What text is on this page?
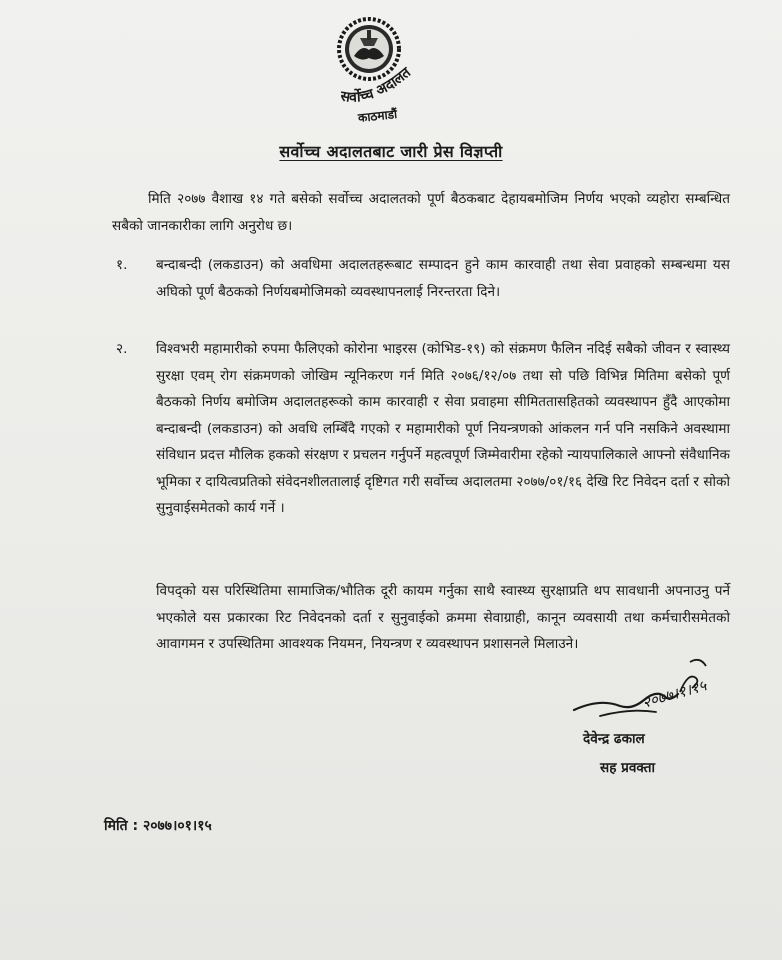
सर्वोच्च अदालत
काठमाडौं
सर्वोच्च अदालतबाट जारी प्रेस विज्ञप्ती

मिति २०७७ वैशाख १४ गते बसेको सर्वोच्च अदालतको पूर्ण बैठकबाट देहायबमोजिम निर्णय भएको व्यहोरा सम्बन्धित सबैको जानकारीका लागि अनुरोध छ।

१.	बन्दाबन्दी (लकडाउन) को अवधिमा अदालतहरूबाट सम्पादन हुने काम कारवाही तथा सेवा प्रवाहको सम्बन्धमा यस अघिको पूर्ण बैठकको निर्णयबमोजिमको व्यवस्थापनलाई निरन्तरता दिने।
२.	विश्वभरी महामारीको रुपमा फैलिएको कोरोना भाइरस (कोभिड-१९) को संक्रमण फैलिन नदिई सबैको जीवन र स्वास्थ्य सुरक्षा एवम् रोग संक्रमणको जोखिम न्यूनिकरण गर्न मिति २०७६/१२/०७ तथा सो पछि विभिन्न मितिमा बसेको पूर्ण बैठकको निर्णय बमोजिम अदालतहरूको काम कारवाही र सेवा प्रवाहमा सीमिततासहितको व्यवस्थापन हुँदै आएकोमा बन्दाबन्दी (लकडाउन) को अवधि लम्बिँदै गएको र महामारीको पूर्ण नियन्त्रणको आंकलन गर्न पनि नसकिने अवस्थामा संविधान प्रदत्त मौलिक हकको संरक्षण र प्रचलन गर्नुपर्ने महत्वपूर्ण जिम्मेवारीमा रहेको न्यायपालिकाले आफ्नो संवैधानिक भूमिका र दायित्वप्रतिको संवेदनशीलतालाई दृष्टिगत गरी सर्वोच्च अदालतमा २०७७/०१/१६ देखि रिट निवेदन दर्ता र सोको सुनुवाईसमेतको कार्य गर्ने ।

विपद्को यस परिस्थितिमा सामाजिक/भौतिक दूरी कायम गर्नुका साथै स्वास्थ्य सुरक्षाप्रति थप सावधानी अपनाउनु पर्ने भएकोले यस प्रकारका रिट निवेदनको दर्ता र सुनुवाईको क्रममा सेवाग्राही, कानून व्यवसायी तथा कर्मचारीसमेतको आवागमन र उपस्थितिमा आवश्यक नियमन, नियन्त्रण र व्यवस्थापन प्रशासनले मिलाउने।

२०७७।१।१५
देवेन्द्र ढकाल
सह प्रवक्ता
मिति : २०७७।०१।१५
